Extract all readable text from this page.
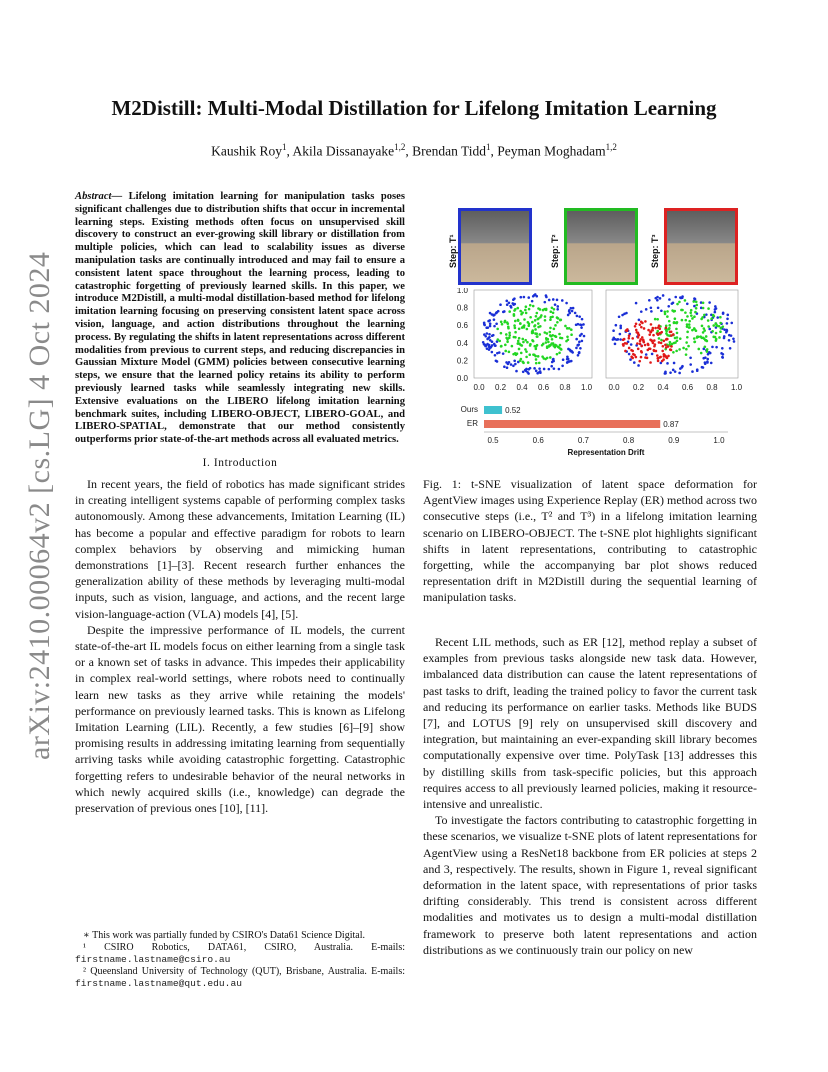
arXiv:2410.00064v2 [cs.LG] 4 Oct 2024
M2Distill: Multi-Modal Distillation for Lifelong Imitation Learning
Kaushik Roy$^1$, Akila Dissanayake$^{1,2}$, Brendan Tidd$^1$, Peyman Moghadam$^{1,2}$

Abstract— Lifelong imitation learning for manipulation tasks poses significant challenges due to distribution shifts that occur in incremental learning steps. Existing methods often focus on unsupervised skill discovery to construct an ever-growing skill library or distillation from multiple policies, which can lead to scalability issues as diverse manipulation tasks are continually introduced and may fail to ensure a consistent latent space throughout the learning process, leading to catastrophic forgetting of previously learned skills. In this paper, we introduce M2Distill, a multi-modal distillation-based method for lifelong imitation learning focusing on preserving consistent latent space across vision, language, and action distributions throughout the learning process. By regulating the shifts in latent representations across different modalities from previous to current steps, and reducing discrepancies in Gaussian Mixture Model (GMM) policies between consecutive learning steps, we ensure that the learned policy retains its ability to perform previously learned tasks while seamlessly integrating new skills. Extensive evaluations on the LIBERO lifelong imitation learning benchmark suites, including LIBERO-OBJECT, LIBERO-GOAL, and LIBERO-SPATIAL, demonstrate that our method consistently outperforms prior state-of-the-art methods across all evaluated metrics.

I. Introduction

In recent years, the field of robotics has made significant strides in creating intelligent systems capable of performing complex tasks autonomously. Among these advancements, Imitation Learning (IL) has become a popular and effective paradigm for robots to learn complex behaviors by observing and mimicking human demonstrations [1]–[3]. Recent research further enhances the generalization ability of these methods by leveraging multi-modal inputs, such as vision, language, and actions, and the recent large vision-language-action (VLA) models [4], [5].

Despite the impressive performance of IL models, the current state-of-the-art IL models focus on either learning from a single task or a known set of tasks in advance. This impedes their applicability in complex real-world settings, where robots need to continually learn new tasks as they arrive while retaining the models' performance on previously learned tasks. This is known as Lifelong Imitation Learning (LIL). Recently, a few studies [6]–[9] show promising results in addressing imitating learning from sequentially arriving tasks while avoiding catastrophic forgetting. Catastrophic forgetting refers to undesirable behavior of the neural networks in which newly acquired skills (i.e., knowledge) can degrade the preservation of previous ones [10], [11].

∗ This work was partially funded by CSIRO's Data61 Science Digital.
¹ CSIRO Robotics, DATA61, CSIRO, Australia. E-mails: firstname.lastname@csiro.au
² Queensland University of Technology (QUT), Brisbane, Australia. E-mails: firstname.lastname@qut.edu.au
Step: T¹	Step: T²	Step: T³
0.0
0.2
0.4
0.6
0.8
1.0
0.0 0.2 0.4 0.6 0.8 1.0 0.0 0.2 0.4 0.6 0.8 1.0
Ours	0.52
ER	0.87
0.5	0.6	0.7	0.8	0.9	1.0
Representation Drift
Fig. 1: t-SNE visualization of latent space deformation for AgentView images using Experience Replay (ER) method across two consecutive steps (i.e., T² and T³) in a lifelong imitation learning scenario on LIBERO-OBJECT. The t-SNE plot highlights significant shifts in latent representations, contributing to catastrophic forgetting, while the accompanying bar plot shows reduced representation drift in M2Distill during the sequential learning of manipulation tasks.

Recent LIL methods, such as ER [12], method replay a subset of examples from previous tasks alongside new task data. However, imbalanced data distribution can cause the latent representations of past tasks to drift, leading the trained policy to favor the current task and reducing its performance on earlier tasks. Methods like BUDS [7], and LOTUS [9] rely on unsupervised skill discovery and integration, but maintaining an ever-expanding skill library becomes computationally expensive over time. PolyTask [13] addresses this by distilling skills from task-specific policies, but this approach requires access to all previously learned policies, making it resource-intensive and unrealistic.

To investigate the factors contributing to catastrophic forgetting in these scenarios, we visualize t-SNE plots of latent representations for AgentView using a ResNet18 backbone from ER policies at steps 2 and 3, respectively. The results, shown in Figure 1, reveal significant deformation in the latent space, with representations of prior tasks drifting considerably. This trend is consistent across different modalities and motivates us to design a multi-modal distillation framework to preserve both latent representations and action distributions as we continuously train our policy on new
